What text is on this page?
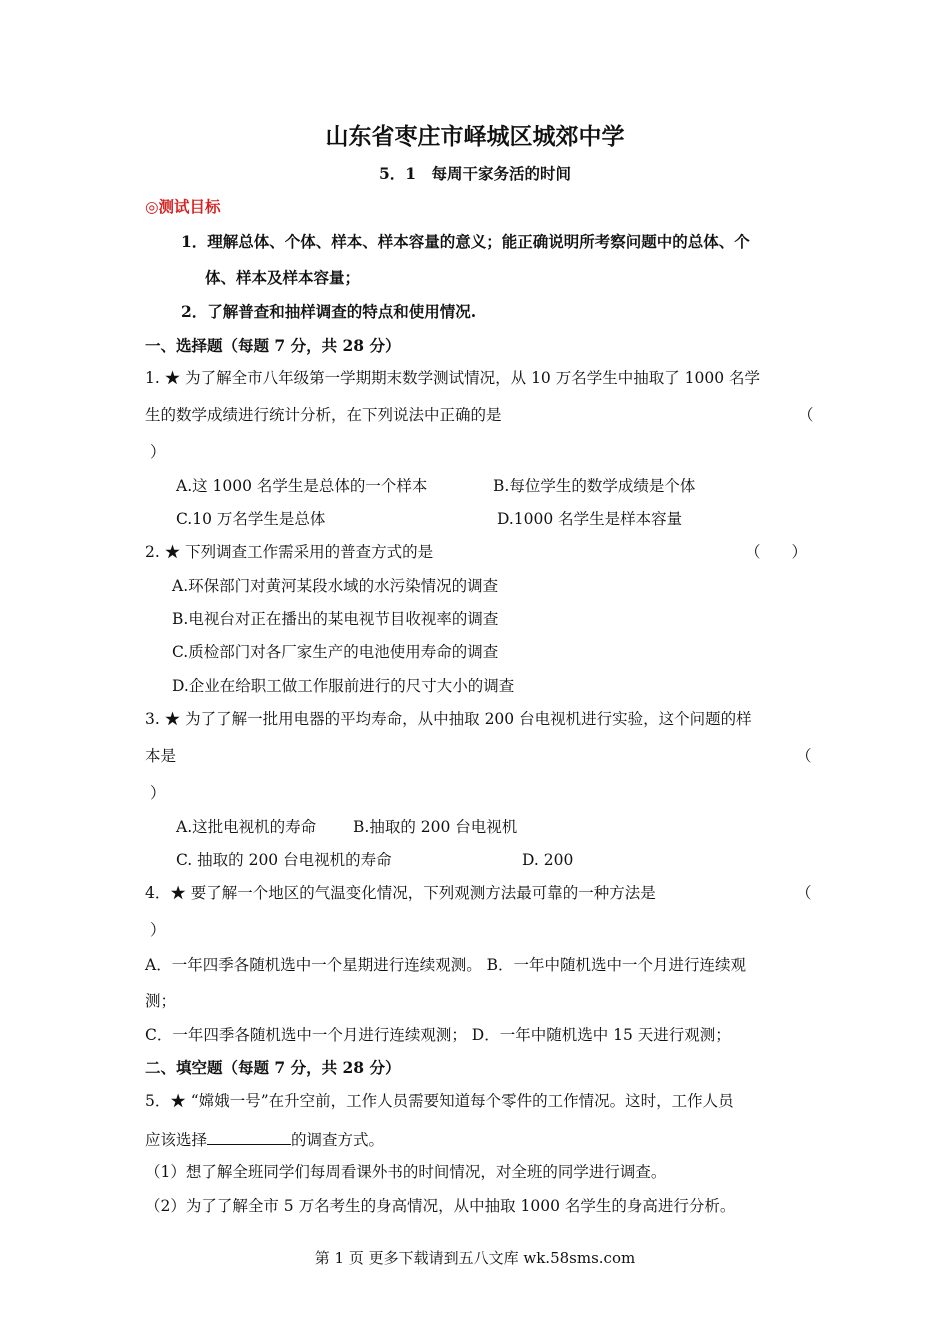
山东省枣庄市峄城区城郊中学
5．1　每周干家务活的时间
◎测试目标
1．理解总体、个体、样本、样本容量的意义；能正确说明所考察问题中的总体、个
体、样本及样本容量；
2．了解普查和抽样调查的特点和使用情况.
一、选择题（每题 7 分，共 28 分）
1. ★ 为了解全市八年级第一学期期末数学测试情况，从 10 万名学生中抽取了 1000 名学
生的数学成绩进行统计分析，在下列说法中正确的是	（
）
A.这 1000 名学生是总体的一个样本	B.每位学生的数学成绩是个体
C.10 万名学生是总体	D.1000 名学生是样本容量
2. ★ 下列调查工作需采用的普查方式的是	（　　）
A.环保部门对黄河某段水域的水污染情况的调查
B.电视台对正在播出的某电视节目收视率的调查
C.质检部门对各厂家生产的电池使用寿命的调查
D.企业在给职工做工作服前进行的尺寸大小的调查
3. ★ 为了了解一批用电器的平均寿命，从中抽取 200 台电视机进行实验，这个问题的样
本是	（
）
A.这批电视机的寿命 B.抽取的 200 台电视机
C. 抽取的 200 台电视机的寿命	D. 200
4．★ 要了解一个地区的气温变化情况，下列观测方法最可靠的一种方法是	（
）
A．一年四季各随机选中一个星期进行连续观测。 B．一年中随机选中一个月进行连续观
测；
C．一年四季各随机选中一个月进行连续观测； D．一年中随机选中 15 天进行观测；
二、填空题（每题 7 分，共 28 分）
5．★ “嫦娥一号”在升空前，工作人员需要知道每个零件的工作情况。这时，工作人员
应该选择	的调查方式。
（1）想了解全班同学们每周看课外书的时间情况，对全班的同学进行调查。
（2）为了了解全市 5 万名考生的身高情况，从中抽取 1000 名学生的身高进行分析。
第 1 页 更多下载请到五八文库 wk.58sms.com
